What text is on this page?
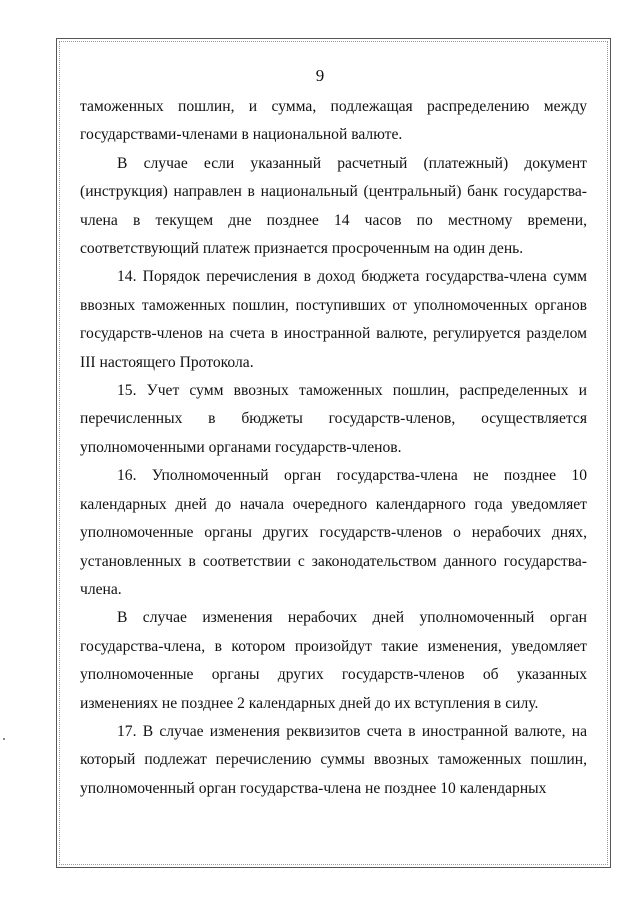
9

таможенных пошлин, и сумма, подлежащая распределению между государствами-членами в национальной валюте.

В случае если указанный расчетный (платежный) документ (инструкция) направлен в национальный (центральный) банк государства-члена в текущем дне позднее 14 часов по местному времени, соответствующий платеж признается просроченным на один день.

14. Порядок перечисления в доход бюджета государства-члена сумм ввозных таможенных пошлин, поступивших от уполномоченных органов государств-членов на счета в иностранной валюте, регулируется разделом III настоящего Протокола.

15. Учет сумм ввозных таможенных пошлин, распределенных и перечисленных в бюджеты государств-членов, осуществляется уполномоченными органами государств-членов.

16. Уполномоченный орган государства-члена не позднее 10 календарных дней до начала очередного календарного года уведомляет уполномоченные органы других государств-членов о нерабочих днях, установленных в соответствии с законодательством данного государства-члена.

В случае изменения нерабочих дней уполномоченный орган государства-члена, в котором произойдут такие изменения, уведомляет уполномоченные органы других государств-членов об указанных изменениях не позднее 2 календарных дней до их вступления в силу.

17. В случае изменения реквизитов счета в иностранной валюте, на который подлежат перечислению суммы ввозных таможенных пошлин, уполномоченный орган государства-члена не позднее 10 календарных
